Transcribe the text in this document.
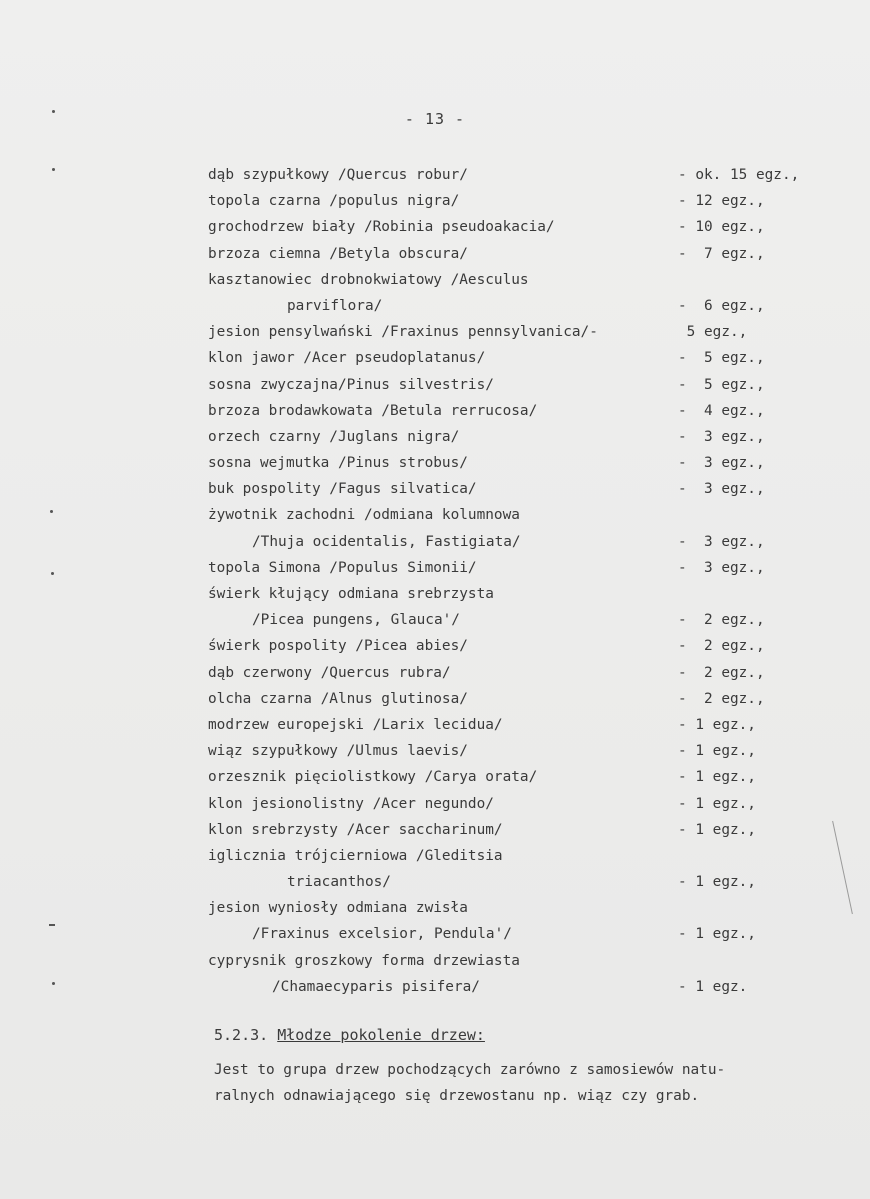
- 13 -
dąb szypułkowy /Quercus robur/	- ok. 15 egz.,
topola czarna /populus nigra/	- 12 egz.,
grochodrzew biały /Robinia pseudoakacia/	- 10 egz.,
brzoza ciemna /Betyla obscura/	-  7 egz.,
kasztanowiec drobnokwiatowy /Aesculus
parviflora/	-  6 egz.,
jesion pensylwański /Fraxinus pennsylvanica/-	5 egz.,
klon jawor /Acer pseudoplatanus/	-  5 egz.,
sosna zwyczajna/Pinus silvestris/	-  5 egz.,
brzoza brodawkowata /Betula rerrucosa/	-  4 egz.,
orzech czarny /Juglans nigra/	-  3 egz.,
sosna wejmutka /Pinus strobus/	-  3 egz.,
buk pospolity /Fagus silvatica/	-  3 egz.,
żywotnik zachodni /odmiana kolumnowa
/Thuja ocidentalis, Fastigiata/	-  3 egz.,
topola Simona /Populus Simonii/	-  3 egz.,
świerk kłujący odmiana srebrzysta
/Picea pungens, Glauca'/	-  2 egz.,
świerk pospolity /Picea abies/	-  2 egz.,
dąb czerwony /Quercus rubra/	-  2 egz.,
olcha czarna /Alnus glutinosa/	-  2 egz.,
modrzew europejski /Larix lecidua/	- 1 egz.,
wiąz szypułkowy /Ulmus laevis/	- 1 egz.,
orzesznik pięciolistkowy /Carya orata/	- 1 egz.,
klon jesionolistny /Acer negundo/	- 1 egz.,
klon srebrzysty /Acer saccharinum/	- 1 egz.,
iglicznia trójcierniowa /Gleditsia
triacanthos/	- 1 egz.,
jesion wyniosły odmiana zwisła
/Fraxinus excelsior, Pendula'/	- 1 egz.,
cyprysnik groszkowy forma drzewiasta
/Chamaecyparis pisifera/	- 1 egz.
5.2.3. Młodze pokolenie drzew:
Jest to grupa drzew pochodzących zarówno z samosiewów natu-
ralnych odnawiającego się drzewostanu np. wiąz czy grab.
